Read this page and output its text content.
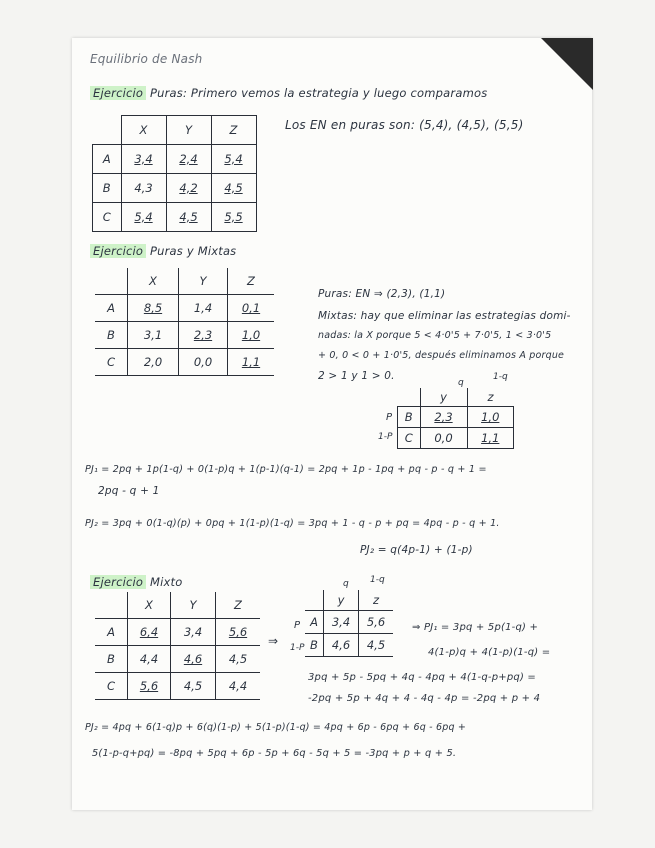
Equilibrio de Nash
Ejercicio Puras: Primero vemos la estrategia y luego comparamos
	X	Y	Z
A	3,4	2,4	5,4
B	4,3	4,2	4,5
C	5,4	4,5	5,5
Los EN en puras son: (5,4), (4,5), (5,5)
Ejercicio Puras y Mixtas
	X	Y	Z
A	8,5	1,4	0,1
B	3,1	2,3	1,0
C	2,0	0,0	1,1
Puras: EN ⇒ (2,3), (1,1)
Mixtas: hay que eliminar las estrategias domi-
nadas: la X porque 5 < 4·0'5 + 7·0'5, 1 < 3·0'5
+ 0, 0 < 0 + 1·0'5, después eliminamos A porque
2 > 1 y 1 > 0.
q
1-q
P
1-P
	y	z
B	2,3	1,0
C	0,0	1,1
PJ₁ = 2pq + 1p(1-q) + 0(1-p)q + 1(p-1)(q-1) = 2pq + 1p - 1pq + pq - p - q + 1 =
2pq - q + 1
PJ₂ = 3pq + 0(1-q)(p) + 0pq + 1(1-p)(1-q) = 3pq + 1 - q - p + pq = 4pq - p - q + 1.
PJ₂ = q(4p-1) + (1-p)
Ejercicio Mixto
	X	Y	Z
A	6,4	3,4	5,6
B	4,4	4,6	4,5
C	5,6	4,5	4,4
⇒
q 1-q
P
1-P
	y	z
A	3,4	5,6
B	4,6	4,5
⇒ PJ₁ = 3pq + 5p(1-q) +
4(1-p)q + 4(1-p)(1-q) =
3pq + 5p - 5pq + 4q - 4pq + 4(1-q-p+pq) =
-2pq + 5p + 4q + 4 - 4q - 4p = -2pq + p + 4
PJ₂ = 4pq + 6(1-q)p + 6(q)(1-p) + 5(1-p)(1-q) = 4pq + 6p - 6pq + 6q - 6pq +
5(1-p-q+pq) = -8pq + 5pq + 6p - 5p + 6q - 5q + 5 = -3pq + p + q + 5.
